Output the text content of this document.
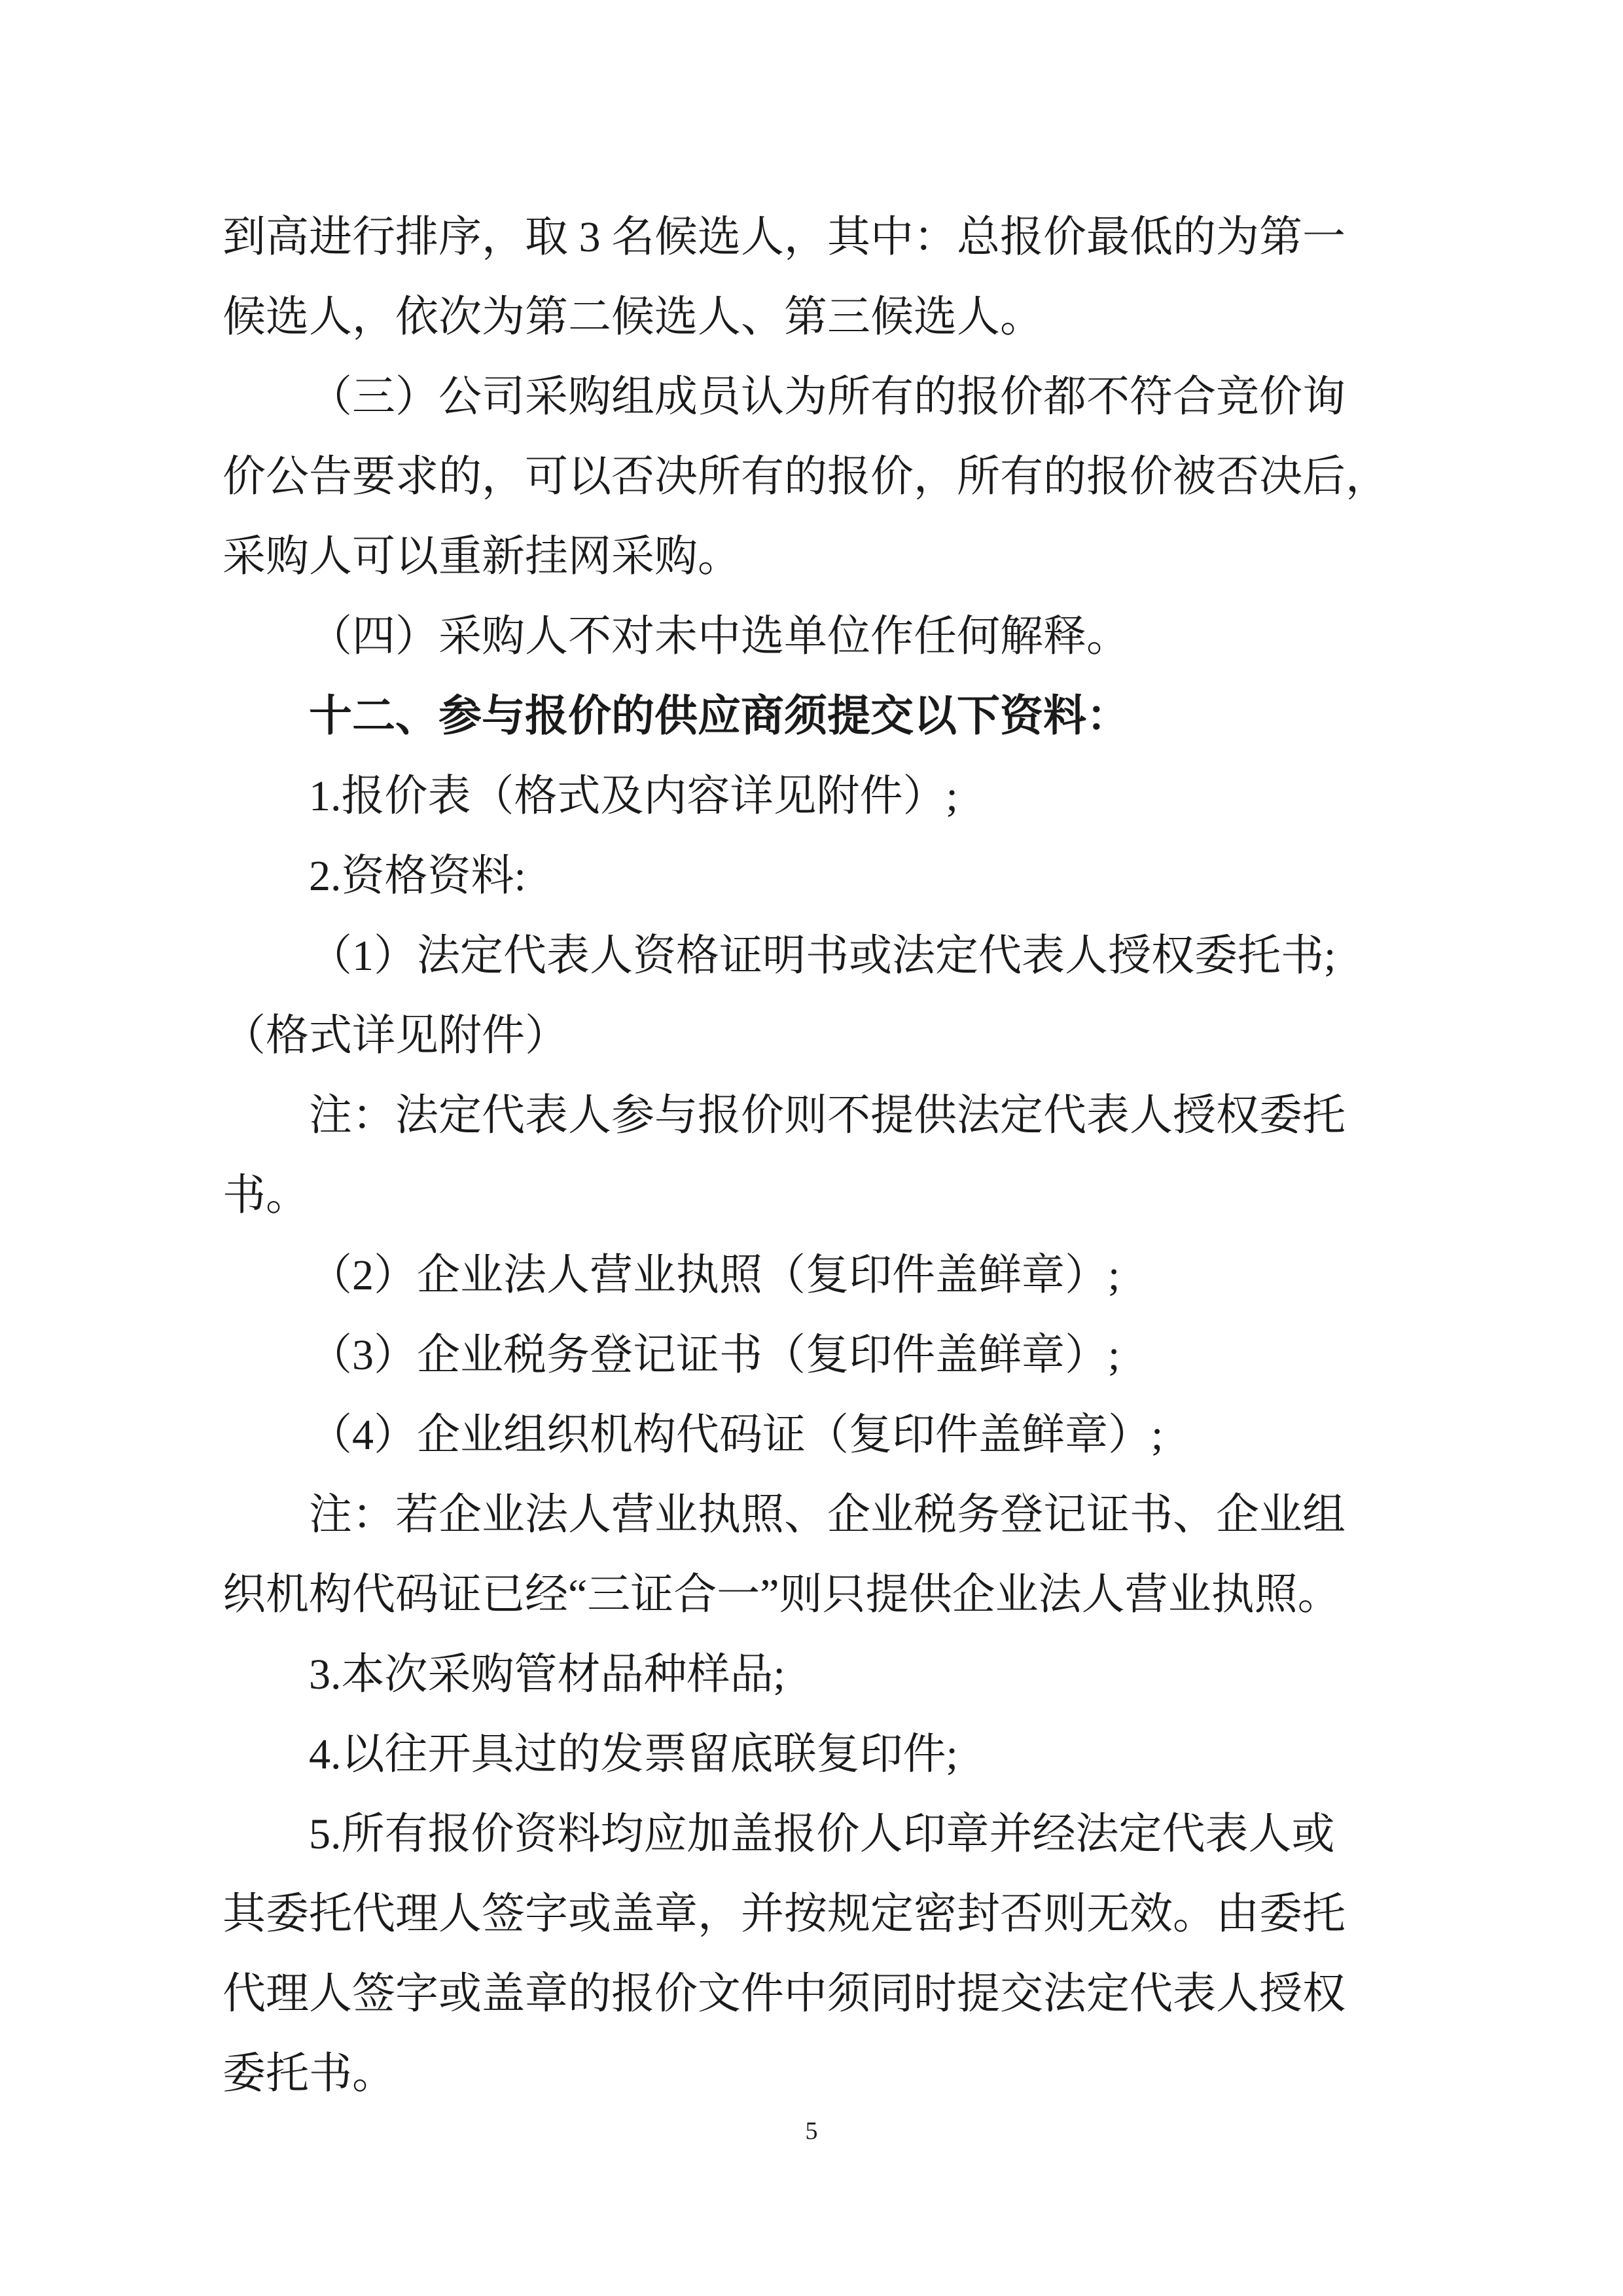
到高进行排序，取 3 名候选人，其中：总报价最低的为第一
候选人，依次为第二候选人、第三候选人。
（三）公司采购组成员认为所有的报价都不符合竞价询
价公告要求的，可以否决所有的报价，所有的报价被否决后，
采购人可以重新挂网采购。
（四）采购人不对未中选单位作任何解释。
十二、参与报价的供应商须提交以下资料：
1.报价表（格式及内容详见附件）;
2.资格资料:
（1）法定代表人资格证明书或法定代表人授权委托书;
（格式详见附件）
注：法定代表人参与报价则不提供法定代表人授权委托
书。
（2）企业法人营业执照（复印件盖鲜章）;
（3）企业税务登记证书（复印件盖鲜章）;
（4）企业组织机构代码证（复印件盖鲜章）;
注：若企业法人营业执照、企业税务登记证书、企业组
织机构代码证已经“三证合一”则只提供企业法人营业执照。
3.本次采购管材品种样品;
4.以往开具过的发票留底联复印件;
5.所有报价资料均应加盖报价人印章并经法定代表人或
其委托代理人签字或盖章，并按规定密封否则无效。由委托
代理人签字或盖章的报价文件中须同时提交法定代表人授权
委托书。
5
